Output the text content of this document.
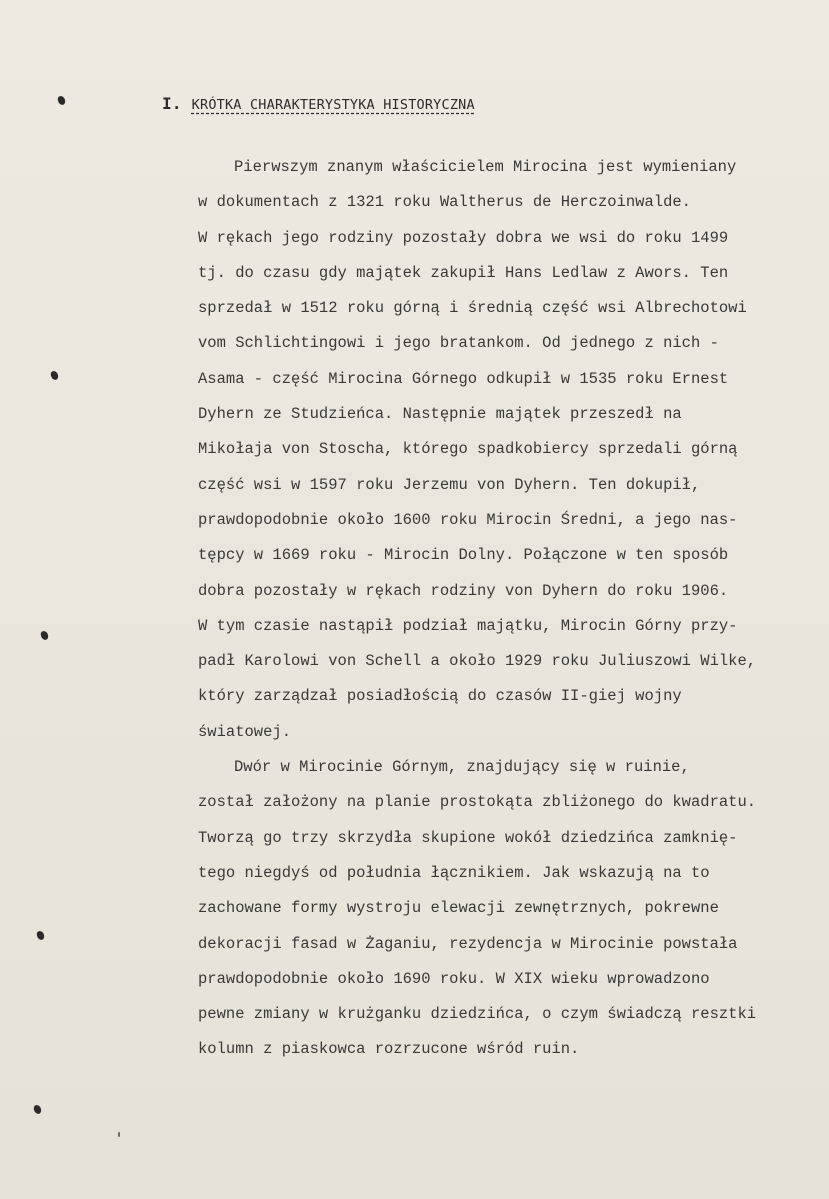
I. KRÓTKA CHARAKTERYSTYKA HISTORYCZNA
Pierwszym znanym właścicielem Mirocina jest wymieniany
w dokumentach z 1321 roku Waltherus de Herczoinwalde.
W rękach jego rodziny pozostały dobra we wsi do roku 1499
tj. do czasu gdy majątek zakupił Hans Ledlaw z Awors. Ten
sprzedał w 1512 roku górną i średnią część wsi Albrechotowi
vom Schlichtingowi i jego bratankom. Od jednego z nich -
Asama - część Mirocina Górnego odkupił w 1535 roku Ernest
Dyhern ze Studzieńca. Następnie majątek przeszedł na
Mikołaja von Stoscha, którego spadkobiercy sprzedali górną
część wsi w 1597 roku Jerzemu von Dyhern. Ten dokupił,
prawdopodobnie około 1600 roku Mirocin Średni, a jego nas-
tępcy w 1669 roku - Mirocin Dolny. Połączone w ten sposób
dobra pozostały w rękach rodziny von Dyhern do roku 1906.
W tym czasie nastąpił podział majątku, Mirocin Górny przy-
padł Karolowi von Schell a około 1929 roku Juliuszowi Wilke,
który zarządzał posiadłością do czasów II-giej wojny
światowej.
Dwór w Mirocinie Górnym, znajdujący się w ruinie,
został założony na planie prostokąta zbliżonego do kwadratu.
Tworzą go trzy skrzydła skupione wokół dziedzińca zamknię-
tego niegdyś od południa łącznikiem. Jak wskazują na to
zachowane formy wystroju elewacji zewnętrznych, pokrewne
dekoracji fasad w Żaganiu, rezydencja w Mirocinie powstała
prawdopodobnie około 1690 roku. W XIX wieku wprowadzono
pewne zmiany w krużganku dziedzińca, o czym świadczą resztki
kolumn z piaskowca rozrzucone wśród ruin.
